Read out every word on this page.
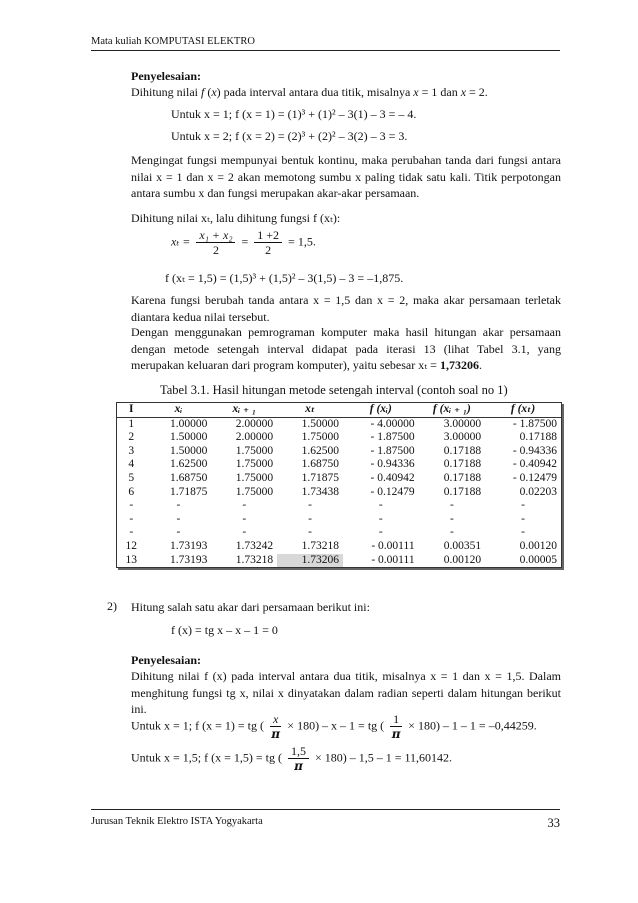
Mata kuliah KOMPUTASI ELEKTRO
Penyelesaian:
Dihitung nilai f (x) pada interval antara dua titik, misalnya x = 1 dan x = 2.
Untuk x = 1; f (x = 1) = (1)³ + (1)² – 3(1) – 3 = – 4.
Untuk x = 2; f (x = 2) = (2)³ + (2)² – 3(2) – 3 = 3.
Mengingat fungsi mempunyai bentuk kontinu, maka perubahan tanda dari fungsi antara nilai x = 1 dan x = 2 akan memotong sumbu x paling tidak satu kali. Titik perpotongan antara sumbu x dan fungsi merupakan akar-akar persamaan.
Dihitung nilai xₜ, lalu dihitung fungsi f (xₜ):
$x_t = \frac{\text{x₁ + x₂}}{2} = \frac{1 +2}{2} = 1,5$.
f (xₜ = 1,5) = (1,5)³ + (1,5)² – 3(1,5) – 3 = –1,875.
Karena fungsi berubah tanda antara x = 1,5 dan x = 2, maka akar persamaan terletak diantara kedua nilai tersebut.
Dengan menggunakan pemrograman komputer maka hasil hitungan akar persamaan dengan metode setengah interval didapat pada iterasi 13 (lihat Tabel 3.1, yang merupakan keluaran dari program komputer), yaitu sebesar xₜ = 1,73206.
Tabel 3.1. Hasil hitungan metode setengah interval (contoh soal no 1)
I	xᵢ	xᵢ ₊ ₁	xₜ	f (xᵢ)	f (xᵢ ₊ ₁)	f (xₜ)
1	1.00000	2.00000	1.50000	- 4.00000	3.00000	- 1.87500
2	1.50000	2.00000	1.75000	- 1.87500	3.00000	0.17188
3	1.50000	1.75000	1.62500	- 1.87500	0.17188	- 0.94336
4	1.62500	1.75000	1.68750	- 0.94336	0.17188	- 0.40942
5	1.68750	1.75000	1.71875	- 0.40942	0.17188	- 0.12479
6	1.71875	1.75000	1.73438	- 0.12479	0.17188	0.02203
-	-	-	-	-	-	-
-	-	-	-	-	-	-
-	-	-	-	-	-	-
12	1.73193	1.73242	1.73218	- 0.00111	0.00351	0.00120
13	1.73193	1.73218	1.73206	- 0.00111	0.00120	0.00005
2) Hitung salah satu akar dari persamaan berikut ini:
f (x) = tg x – x – 1 = 0
Penyelesaian:
Dihitung nilai f (x) pada interval antara dua titik, misalnya x = 1 dan x = 1,5. Dalam menghitung fungsi tg x, nilai x dinyatakan dalam radian seperti dalam hitungan berikut ini.
Untuk x = 1; f (x = 1) = tg ( $\frac{x}{\pi} \times 180) - x - 1$ = tg ( $\frac{1}{\pi} \times 180) - 1 - 1 = -0,44259$.
Untuk x = 1,5; f (x = 1,5) = tg ( $\frac{1,5}{\pi} \times 180) - 1,5 - 1 = 11,60142$.
Jurusan Teknik Elektro ISTA Yogyakarta	33
